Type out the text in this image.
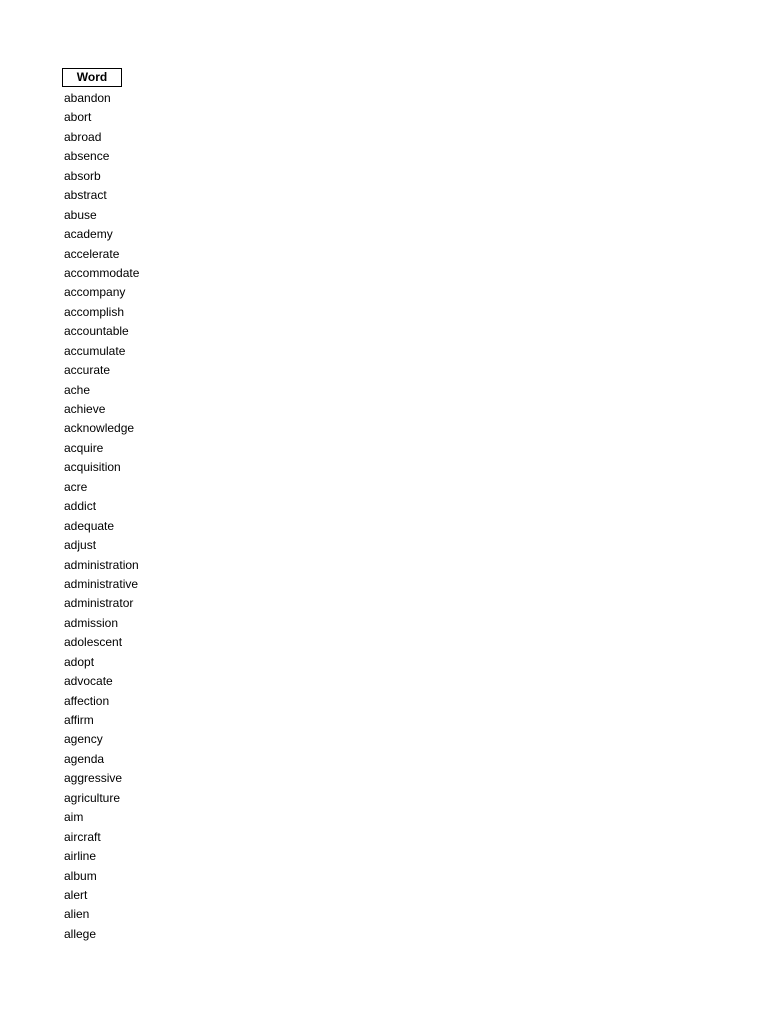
Word
abandon
abort
abroad
absence
absorb
abstract
abuse
academy
accelerate
accommodate
accompany
accomplish
accountable
accumulate
accurate
ache
achieve
acknowledge
acquire
acquisition
acre
addict
adequate
adjust
administration
administrative
administrator
admission
adolescent
adopt
advocate
affection
affirm
agency
agenda
aggressive
agriculture
aim
aircraft
airline
album
alert
alien
allege
